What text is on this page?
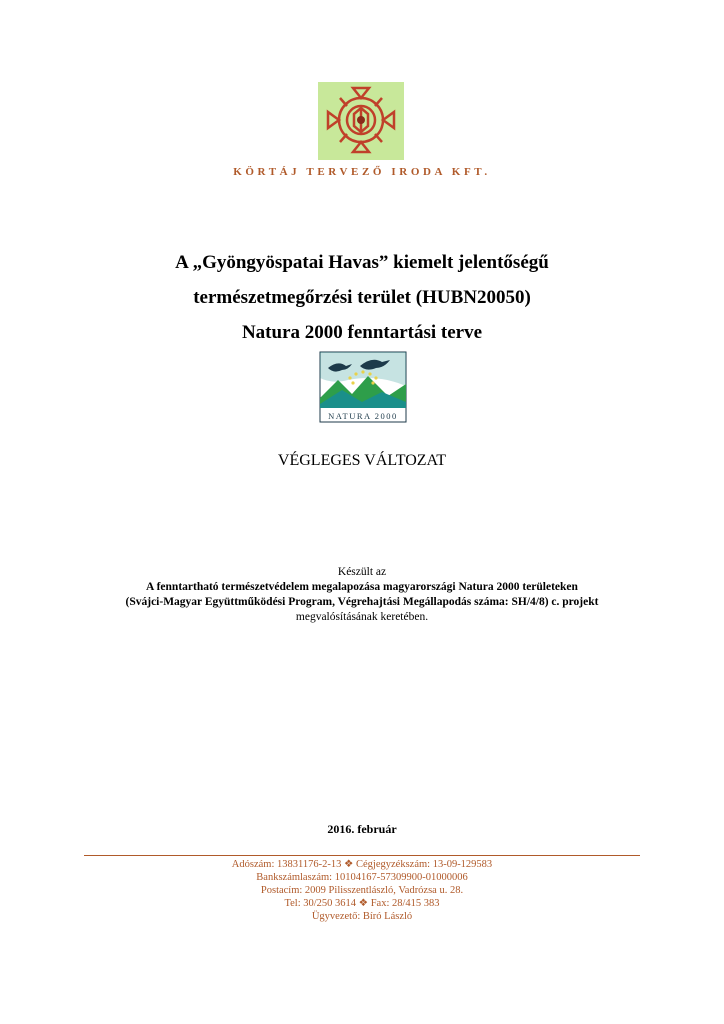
KÖRTÁJ TERVEZŐ IRODA KFT.
A „Gyöngyöspatai Havas” kiemelt jelentőségű
természetmegőrzési terület (HUBN20050)
Natura 2000 fenntartási terve
NATURA 2000
VÉGLEGES VÁLTOZAT
Készült az
A fenntartható természetvédelem megalapozása magyarországi Natura 2000 területeken
(Svájci-Magyar Együttműködési Program, Végrehajtási Megállapodás száma: SH/4/8) c. projekt
megvalósításának keretében.
2016. február
Adószám: 13831176-2-13 ❖ Cégjegyzékszám: 13-09-129583
Bankszámlaszám: 10104167-57309900-01000006
Postacím: 2009 Pilisszentlászló, Vadrózsa u. 28.
Tel: 30/250 3614 ❖ Fax: 28/415 383
Ügyvezető: Bíró László
